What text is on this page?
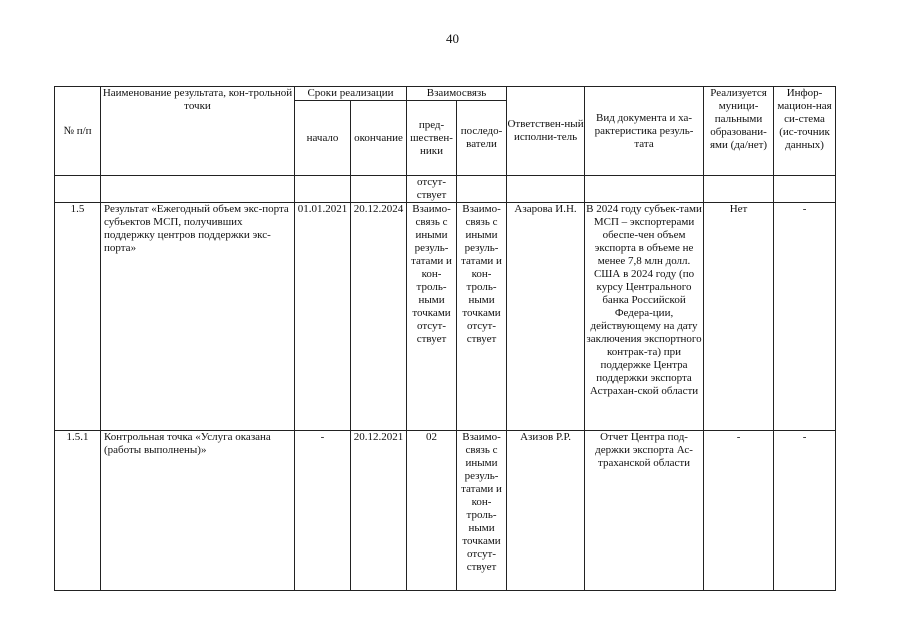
40
№ п/п	Наименование результата, кон-трольной точки	Сроки реализации		Взаимосвязь		Ответствен-ный исполни-тель	Вид документа и ха-рактеристика резуль-тата	Реализуется муници-пальными образовани-ями (да/нет)	Инфор-мацион-ная си-стема (ис-точник данных)
		начало	окончание	пред-шествен-ники	последо-ватели				
				отсут-ствует					
1.5	Результат «Ежегодный объем экс-порта субъектов МСП, получивших поддержку центров поддержки экс-порта»	01.01.2021	20.12.2024	Взаимо-связь с иными резуль-татами и кон-троль-ными точками отсут-ствует	Взаимо-связь с иными резуль-татами и кон-троль-ными точками отсут-ствует	Азарова И.Н.	В 2024 году субъек-тами МСП – экспортерами обеспе-чен объем экспорта в объеме не менее 7,8 млн долл. США в 2024 году (по курсу Центрального банка Российской Федера-ции, действующему на дату заключения экспортного контрак-та) при поддержке Центра поддержки экспорта Астрахан-ской области	Нет	-
1.5.1	Контрольная точка «Услуга оказана (работы выполнены)»	-	20.12.2021	02	Взаимо-связь с иными резуль-татами и кон-троль-ными точками отсут-ствует	Азизов Р.Р.	Отчет Центра под-держки экспорта Ас-траханской области	-	-
